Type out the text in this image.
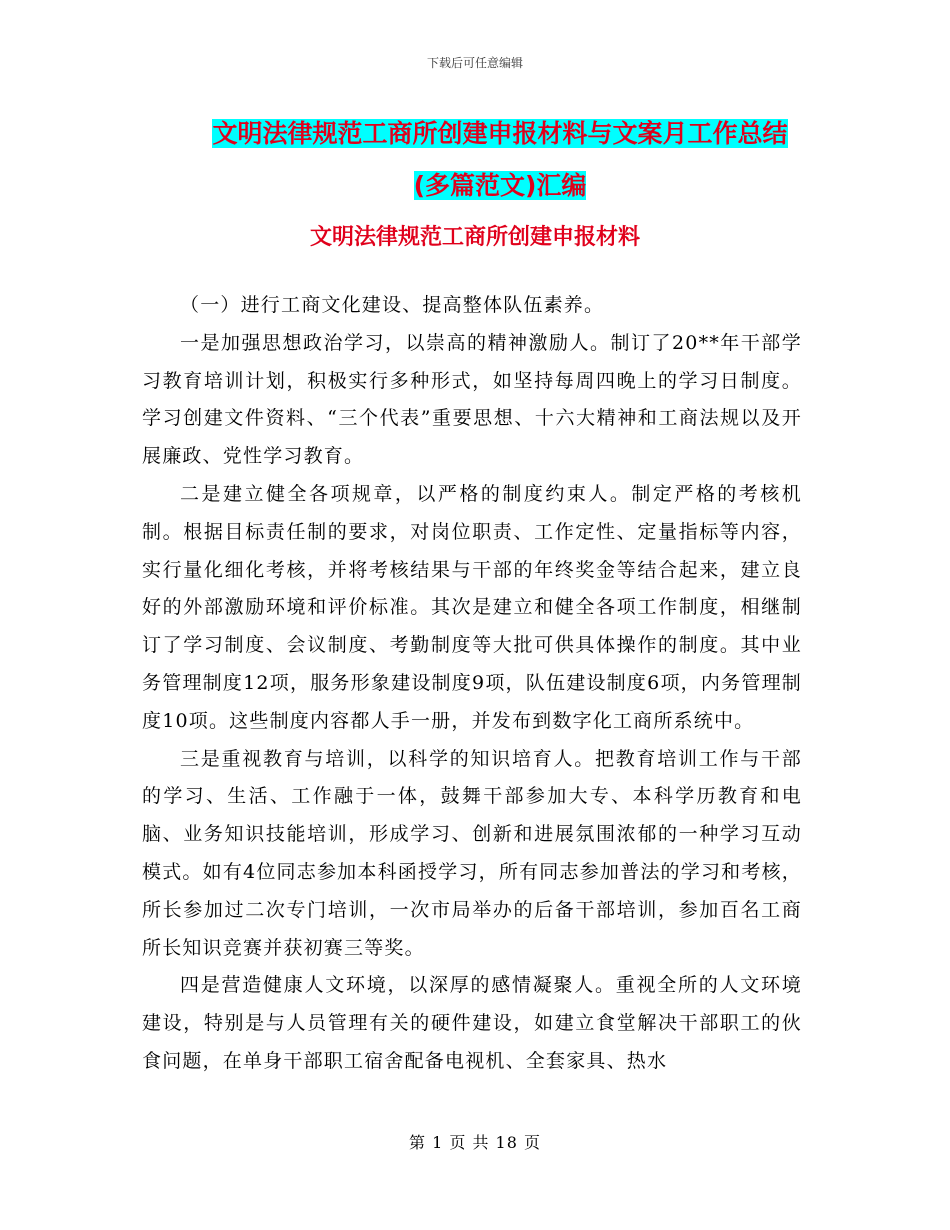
下载后可任意编辑
文明法律规范工商所创建申报材料与文案月工作总结
(多篇范文)汇编
文明法律规范工商所创建申报材料

（一）进行工商文化建设、提高整体队伍素养。

一是加强思想政治学习，以崇高的精神激励人。制订了20**年干部学习教育培训计划，积极实行多种形式，如坚持每周四晚上的学习日制度。学习创建文件资料、“三个代表”重要思想、十六大精神和工商法规以及开展廉政、党性学习教育。

二是建立健全各项规章，以严格的制度约束人。制定严格的考核机制。根据目标责任制的要求，对岗位职责、工作定性、定量指标等内容，实行量化细化考核，并将考核结果与干部的年终奖金等结合起来，建立良好的外部激励环境和评价标准。其次是建立和健全各项工作制度，相继制订了学习制度、会议制度、考勤制度等大批可供具体操作的制度。其中业务管理制度12项，服务形象建设制度9项，队伍建设制度6项，内务管理制度10项。这些制度内容都人手一册，并发布到数字化工商所系统中。

三是重视教育与培训，以科学的知识培育人。把教育培训工作与干部的学习、生活、工作融于一体，鼓舞干部参加大专、本科学历教育和电脑、业务知识技能培训，形成学习、创新和进展氛围浓郁的一种学习互动模式。如有4位同志参加本科函授学习，所有同志参加普法的学习和考核，所长参加过二次专门培训，一次市局举办的后备干部培训，参加百名工商所长知识竞赛并获初赛三等奖。

四是营造健康人文环境，以深厚的感情凝聚人。重视全所的人文环境建设，特别是与人员管理有关的硬件建设，如建立食堂解决干部职工的伙食问题，在单身干部职工宿舍配备电视机、全套家具、热水

第 1 页 共 18 页
